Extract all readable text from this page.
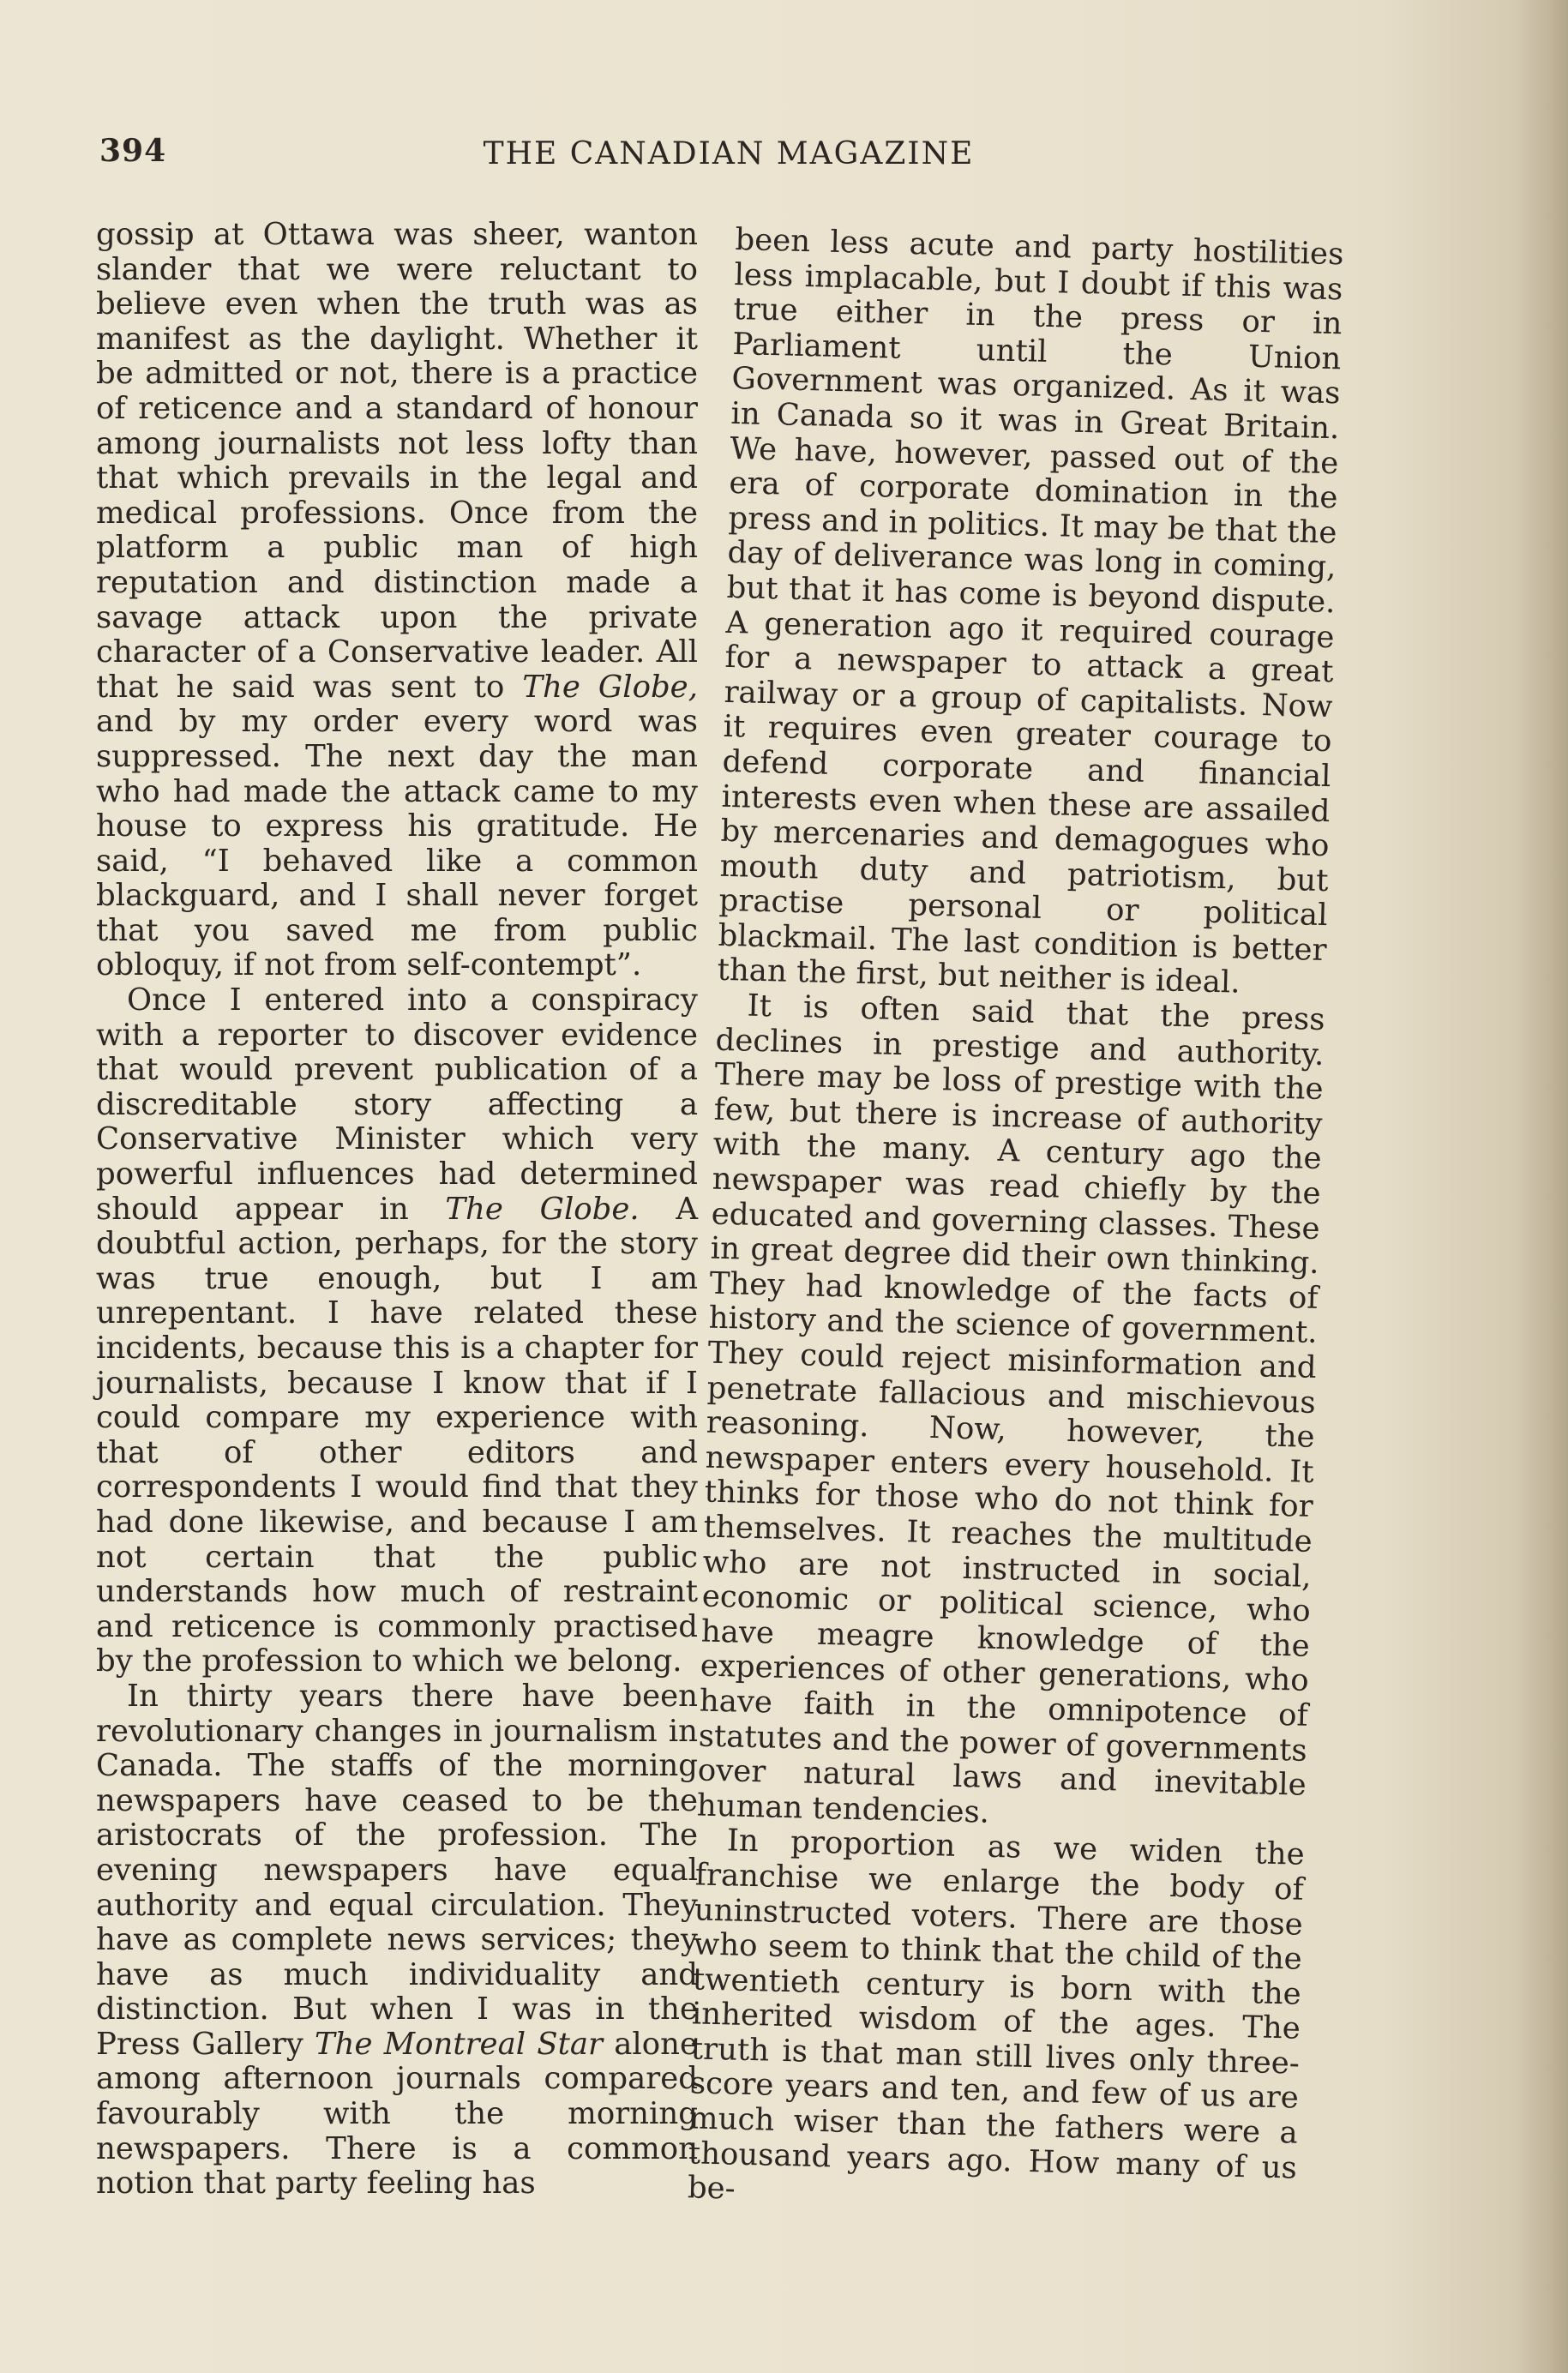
394	THE CANADIAN MAGAZINE

gossip at Ottawa was sheer, wanton slander that we were reluctant to believe even when the truth was as manifest as the daylight. Whether it be admitted or not, there is a practice of reticence and a standard of honour among journalists not less lofty than that which prevails in the legal and medical professions. Once from the platform a public man of high reputation and distinction made a savage attack upon the private character of a Conservative leader. All that he said was sent to The Globe, and by my order every word was suppressed. The next day the man who had made the attack came to my house to express his gratitude. He said, “I behaved like a common blackguard, and I shall never forget that you saved me from public obloquy, if not from self-contempt”.

Once I entered into a conspiracy with a reporter to discover evidence that would prevent publication of a discreditable story affecting a Conservative Minister which very powerful influences had determined should appear in The Globe. A doubtful action, perhaps, for the story was true enough, but I am unrepentant. I have related these incidents, because this is a chapter for journalists, because I know that if I could compare my experience with that of other editors and correspondents I would find that they had done likewise, and because I am not certain that the public understands how much of restraint and reticence is commonly practised by the profession to which we belong.

In thirty years there have been revolutionary changes in journalism in Canada. The staffs of the morning newspapers have ceased to be the aristocrats of the profession. The evening newspapers have equal authority and equal circulation. They have as complete news services; they have as much individuality and distinction. But when I was in the Press Gallery The Montreal Star alone among afternoon journals compared favourably with the morning newspapers. There is a common notion that party feeling has

been less acute and party hostilities less implacable, but I doubt if this was true either in the press or in Parliament until the Union Government was organized. As it was in Canada so it was in Great Britain. We have, however, passed out of the era of corporate domination in the press and in politics. It may be that the day of deliverance was long in coming, but that it has come is beyond dispute. A generation ago it required courage for a newspaper to attack a great railway or a group of capitalists. Now it requires even greater courage to defend corporate and financial interests even when these are assailed by mercenaries and demagogues who mouth duty and patriotism, but practise personal or political blackmail. The last condition is better than the first, but neither is ideal.

It is often said that the press declines in prestige and authority. There may be loss of prestige with the few, but there is increase of authority with the many. A century ago the newspaper was read chiefly by the educated and governing classes. These in great degree did their own thinking. They had knowledge of the facts of history and the science of government. They could reject misinformation and penetrate fallacious and mischievous reasoning. Now, however, the newspaper enters every household. It thinks for those who do not think for themselves. It reaches the multitude who are not instructed in social, economic or political science, who have meagre knowledge of the experiences of other generations, who have faith in the omnipotence of statutes and the power of governments over natural laws and inevitable human tendencies.

In proportion as we widen the franchise we enlarge the body of uninstructed voters. There are those who seem to think that the child of the twentieth century is born with the inherited wisdom of the ages. The truth is that man still lives only three-score years and ten, and few of us are much wiser than the fathers were a thousand years ago. How many of us be-
